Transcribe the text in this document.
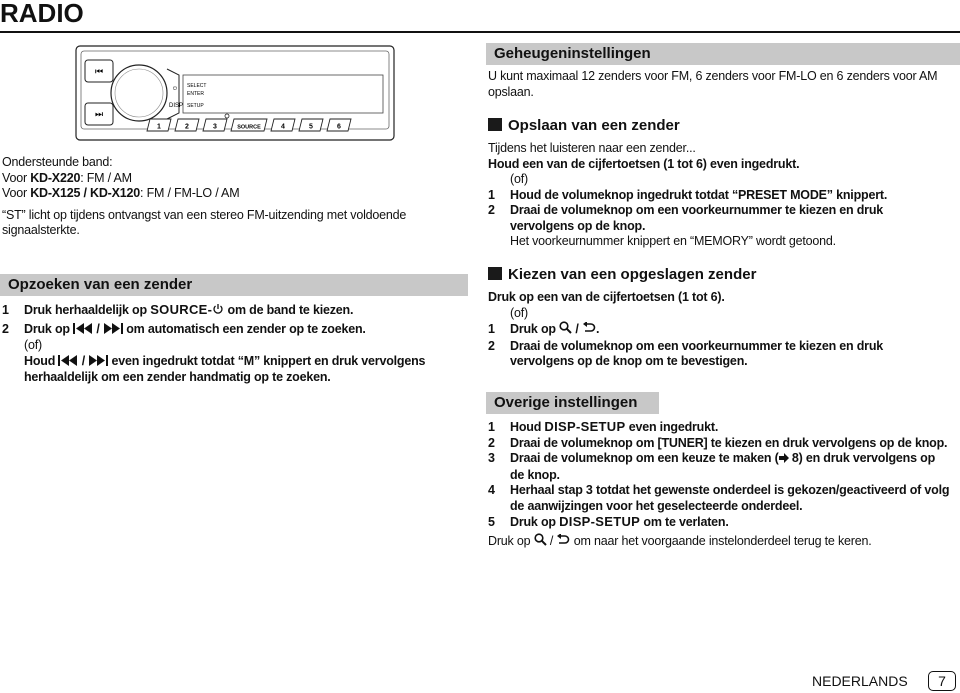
RADIO
⏮
⏭
⏻
DISP
SELECT
ENTER
SETUP
1	2	3	SOURCE	4	5	6
Ondersteunde band:
Voor KD-X220: FM / AM
Voor KD-X125 / KD-X120: FM / FM-LO / AM
“ST” licht op tijdens ontvangst van een stereo FM-uitzending met voldoende signaalsterkte.
Opzoeken van een zender
1 Druk herhaaldelijk op SOURCE- om de band te kiezen.
2 Druk op  /  om automatisch een zender op te zoeken.
(of)
Houd  /  even ingedrukt totdat “M” knippert en druk vervolgens herhaaldelijk om een zender handmatig op te zoeken.
Geheugeninstellingen
U kunt maximaal 12 zenders voor FM, 6 zenders voor FM-LO en 6 zenders voor AM opslaan.
Opslaan van een zender
Tijdens het luisteren naar een zender...
Houd een van de cijfertoetsen (1 tot 6) even ingedrukt.
(of)
1 Houd de volumeknop ingedrukt totdat “PRESET MODE” knippert.
2	Draai de volumeknop om een voorkeurnummer te kiezen en druk vervolgens op de knop.
Het voorkeurnummer knippert en “MEMORY” wordt getoond.
Kiezen van een opgeslagen zender
Druk op een van de cijfertoetsen (1 tot 6).
(of)
1 Druk op  / .
2	Draai de volumeknop om een voorkeurnummer te kiezen en druk vervolgens op de knop om te bevestigen.
Overige instellingen
1 Houd DISP-SETUP even ingedrukt.
2	Draai de volumeknop om [TUNER] te kiezen en druk vervolgens op de knop.
3	Draai de volumeknop om een keuze te maken ( 8) en druk vervolgens op de knop.
4	Herhaal stap 3 totdat het gewenste onderdeel is gekozen/geactiveerd of volg de aanwijzingen voor het geselecteerde onderdeel.
5 Druk op DISP-SETUP om te verlaten.
Druk op  /  om naar het voorgaande instelonderdeel terug te keren.
NEDERLANDS	7
